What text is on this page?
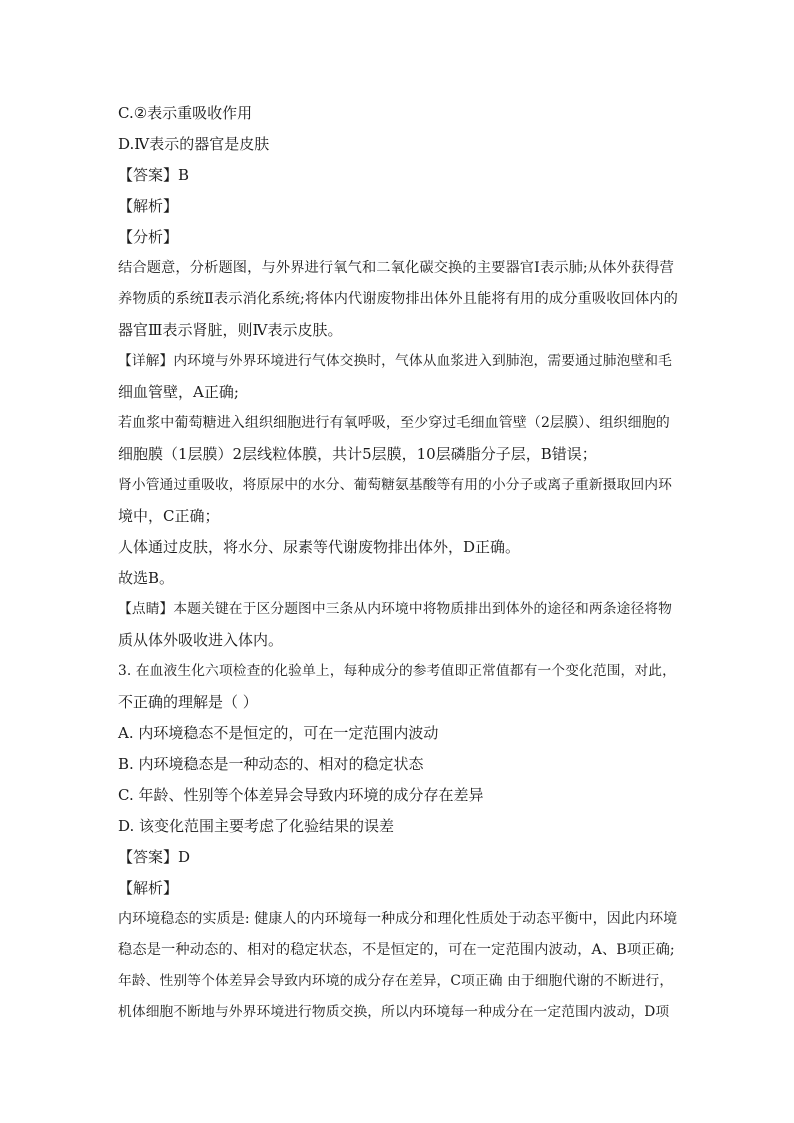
C.②表示重吸收作用
D.Ⅳ表示的器官是皮肤
【答案】B
【解析】
【分析】
结合题意，分析题图，与外界进行氧气和二氧化碳交换的主要器官Ⅰ表示肺;从体外获得营
养物质的系统Ⅱ表示消化系统;将体内代谢废物排出体外且能将有用的成分重吸收回体内的
器官Ⅲ表示肾脏，则Ⅳ表示皮肤。
【详解】内环境与外界环境进行气体交换时，气体从血浆进入到肺泡，需要通过肺泡壁和毛
细血管壁，A正确;
若血浆中葡萄糖进入组织细胞进行有氧呼吸，至少穿过毛细血管壁（2层膜）、组织细胞的
细胞膜（1层膜）2层线粒体膜，共计5层膜，10层磷脂分子层，B错误；
肾小管通过重吸收，将原尿中的水分、葡萄糖氨基酸等有用的小分子或离子重新摄取回内环
境中，C正确；
人体通过皮肤，将水分、尿素等代谢废物排出体外，D正确。
故选B。
【点睛】本题关键在于区分题图中三条从内环境中将物质排出到体外的途径和两条途径将物
质从体外吸收进入体内。
3. 在血液生化六项检查的化验单上，每种成分的参考值即正常值都有一个变化范围，对此，
不正确的理解是（ ）
A. 内环境稳态不是恒定的，可在一定范围内波动
B. 内环境稳态是一种动态的、相对的稳定状态
C. 年龄、性别等个体差异会导致内环境的成分存在差异
D. 该变化范围主要考虑了化验结果的误差
【答案】D
【解析】
内环境稳态的实质是: 健康人的内环境每一种成分和理化性质处于动态平衡中，因此内环境
稳态是一种动态的、相对的稳定状态，不是恒定的，可在一定范围内波动，A、B项正确;
年龄、性别等个体差异会导致内环境的成分存在差异，C项正确 由于细胞代谢的不断进行，
机体细胞不断地与外界环境进行物质交换，所以内环境每一种成分在一定范围内波动，D项
